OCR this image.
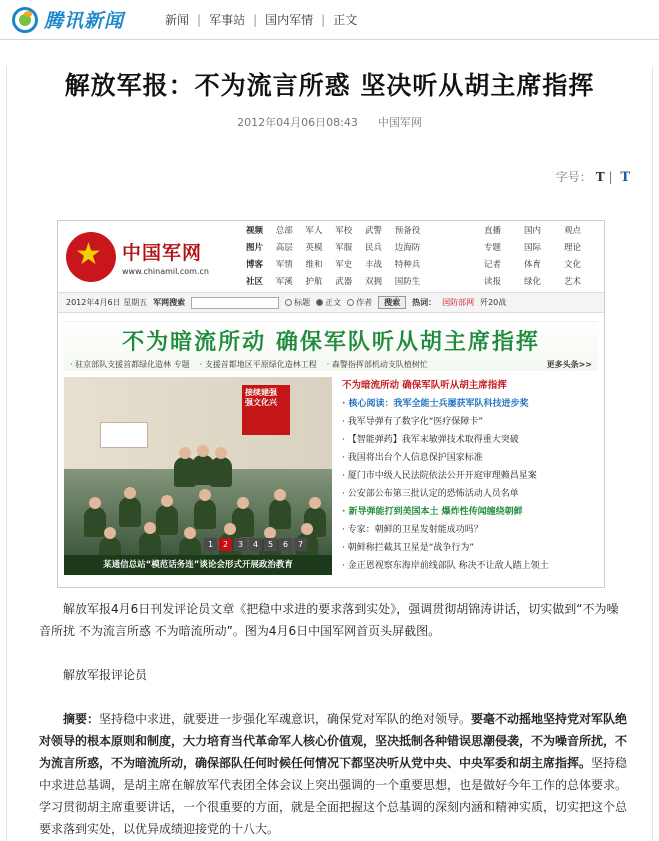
腾讯新闻	新闻 | 军事站 | 国内军情 | 正文
解放军报：不为流言所惑 坚决听从胡主席指挥
2012年04月06日08:43 中国军网
字号： T | T
★ 中国军网
www.chinamil.com.cn
视频	总部	军人	军校	武警	预备役
图片	高层	英模	军服	民兵	边海防
博客	军情	维和	军史	丰战	特种兵
社区	军溪	护航	武器	双拥	国防生
直播	国内	观点
专题	国际	理论
记者	体育	文化
读报	绿化	艺术
2012年4月6日 星期五 军网搜索	标题	正文	作者	搜索	热词： 国防部网 歼20战
不为暗流所动 确保军队听从胡主席指挥
· 驻京部队支援首都绿化造林 专题 · 支援首都地区平原绿化造林工程 · 森警指挥部机动支队植树忙	更多头条>>
接续建强 强文化兴
1	2	3	4	5	6	7
某通信总站“模范话务连”谈论会形式开展政治教育
不为暗流所动 确保军队听从胡主席指挥
· 核心阅读：我军全能士兵屡获军队科技进步奖
· 我军导弹有了数字化“医疗保障卡”
· 【智能弹药】我军末敏弹技术取得重大突破
· 我国将出台个人信息保护国家标准
· 厦门市中级人民法院依法公开开庭审理赖昌星案
· 公安部公布第三批认定的恐怖活动人员名单
· 新导弹能打到美国本土 爆炸性传闻缠绕朝鲜
· 专家：朝鲜的卫星发射能成功吗？
· 朝鲜称拦截其卫星是“战争行为”
· 金正恩视察东海岸前线部队 称决不让敌人踏上领土

解放军报4月6日刊发评论员文章《把稳中求进的要求落到实处》，强调贯彻胡锦涛讲话，切实做到“不为噪音所扰 不为流言所惑 不为暗流所动”。图为4月6日中国军网首页头屏截图。

解放军报评论员

摘要：坚持稳中求进，就要进一步强化军魂意识，确保党对军队的绝对领导。要毫不动摇地坚持党对军队绝对领导的根本原则和制度，大力培育当代革命军人核心价值观，坚决抵制各种错误思潮侵袭，不为噪音所扰，不为流言所惑，不为暗流所动，确保部队任何时候任何情况下都坚决听从党中央、中央军委和胡主席指挥。坚持稳中求进总基调，是胡主席在解放军代表团全体会议上突出强调的一个重要思想，也是做好今年工作的总体要求。学习贯彻胡主席重要讲话，一个很重要的方面，就是全面把握这个总基调的深刻内涵和精神实质，切实把这个总要求落到实处，以优异成绩迎接党的十八大。
